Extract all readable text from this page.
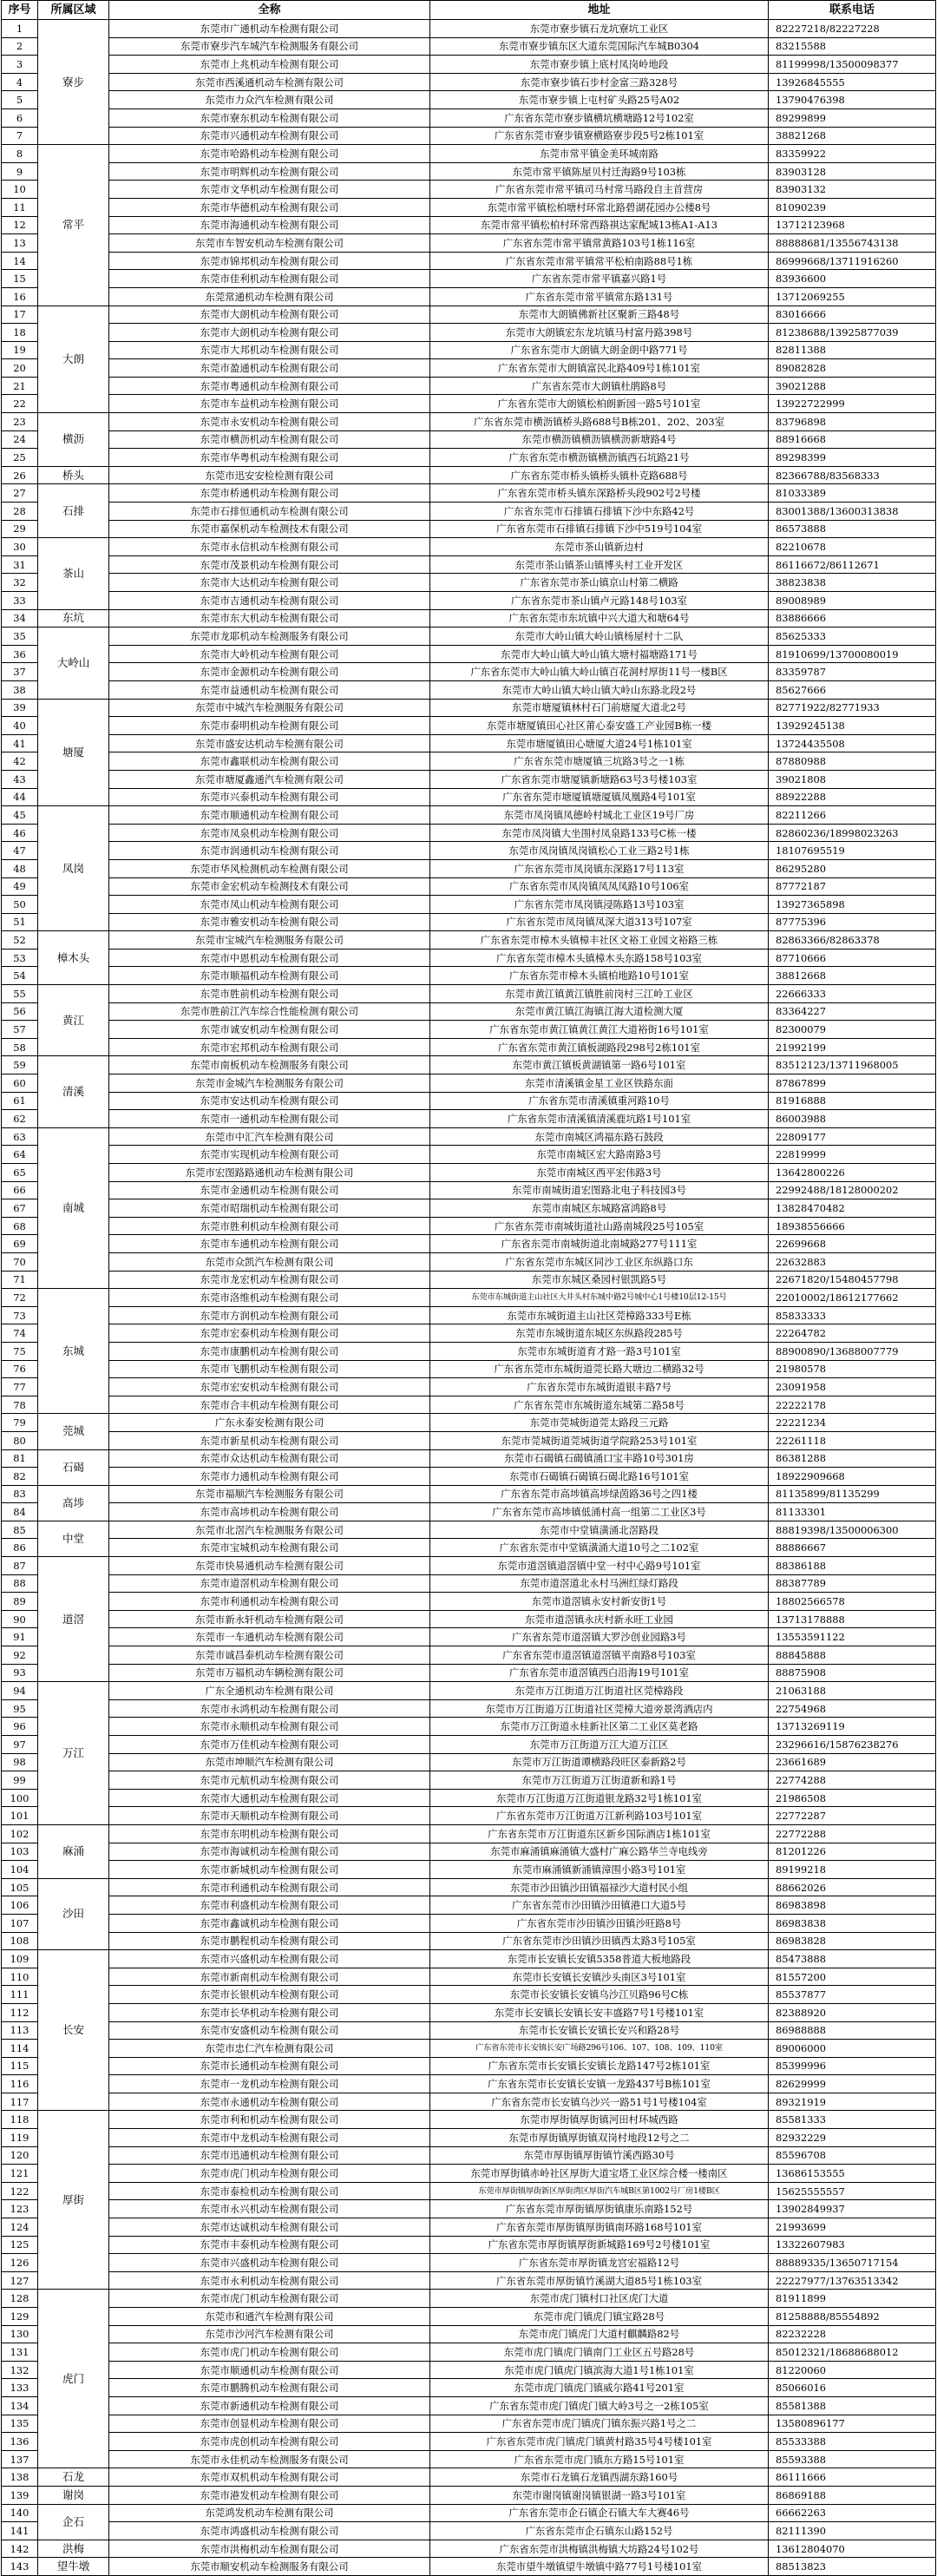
序号	所属区域	全称	地址	联系电话
1	寮步	东莞市广通机动车检测有限公司	东莞市寮步镇石龙坑寮坑工业区	82227218/82227228
2		东莞市寮步汽车城汽车检测服务有限公司	东莞市寮步镇东区大道东莞国际汽车城B0304	83215588
3		东莞市上兆机动车检测有限公司	东莞市寮步镇上底村凤岗岭地段	81199998/13500098377
4		东莞市西溪通机动车检测有限公司	东莞市寮步镇石步村金富三路328号	13926845555
5		东莞市力众汽车检测有限公司	东莞市寮步镇上屯村矿头路25号A02	13790476398
6		东莞市寮东机动车检测有限公司	广东省东莞市寮步镇横坑横塘路12号102室	89299899
7		东莞市兴通机动车检测有限公司	广东省东莞市寮步镇寮横路寮步段5号2栋101室	38821268
8	常平	东莞市哈路机动车检测有限公司	东莞市常平镇金美环城南路	83359922
9		东莞市明辉机动车检测有限公司	东莞市常平镇陈屋贝村迁海路9号103栋	83903128
10		东莞市文华机动车检测有限公司	广东省东莞市常平镇司马村常马路段自主首营房	83903132
11		东莞市华德机动车检测有限公司	东莞市常平镇松柏塘村环常北路碧湖花园办公楼8号	81090239
12		东莞市海通机动车检测有限公司	东莞市常平镇松柏村环常西路祺达家配城13栋A1-A13	13712123968
13		东莞市车智安机动车检测有限公司	广东省东莞市常平镇常黄路103号1栋116室	88888681/13556743138
14		东莞市锦邦机动车检测有限公司	广东省东莞市常平镇常平松柏南路88号1栋	86999668/13711916260
15		东莞市佳利机动车检测有限公司	广东省东莞市常平镇嘉兴路1号	83936600
16		东莞常通机动车检测有限公司	广东省东莞市常平镇常东路131号	13712069255
17	大朗	东莞市大朗机动车检测有限公司	东莞市大朗镇佛新社区聚新三路48号	83016666
18		东莞市大朗机动车检测有限公司	东莞市大朗镇宏东龙坑镇马村富丹路398号	81238688/13925877039
19		东莞市大邦机动车检测有限公司	广东省东莞市大朗镇大朗金朗中路771号	82811388
20		东莞市盈通机动车检测有限公司	广东省东莞市大朗镇富民北路409号1栋101室	89082828
21		东莞市粤通机动车检测有限公司	广东省东莞市大朗镇杜鹃路8号	39021288
22		东莞市车益机动车检测有限公司	广东省东莞市大朗镇松柏朗新园一路5号101室	13922722999
23	横沥	东莞市永安机动车检测有限公司	广东省东莞市横沥镇桥头路688号B栋201、202、203室	83796898
24		东莞市横沥机动车检测有限公司	东莞市横沥镇横沥镇横沥新塘路4号	88916668
25		东莞市华粤机动车检测有限公司	广东省东莞市横沥镇横沥镇西石坑路21号	89298399
26	桥头	东莞市迅安安检检测有限公司	广东省东莞市桥头镇桥头镇朴克路688号	82366788/83568333
27	石排	东莞市桥通机动车检测有限公司	广东省东莞市桥头镇东深路桥头段902号2号楼	81033389
28		东莞市石排恒通机动车检测有限公司	广东省东莞市石排镇石排镇下沙中东路42号	83001388/13600313838
29		东莞市嘉保机动车检测技术有限公司	广东省东莞市石排镇石排镇下沙中519号104室	86573888
30	茶山	东莞市永信机动车检测有限公司	东莞市茶山镇新边村	82210678
31		东莞市茂景机动车检测有限公司	东莞市茶山镇茶山镇博头村工业开发区	86116672/86112671
32		东莞市大达机动车检测有限公司	广东省东莞市茶山镇京山村第二横路	38823838
33		东莞市吉通机动车检测有限公司	广东省东莞市茶山镇卢元路148号103室	89008989
34	东坑	东莞市东大机动车检测有限公司	广东省东莞市东坑镇中兴大道大和塘64号	83886666
35	大岭山	东莞市龙耶机动车检测服务有限公司	东莞市大岭山镇大岭山镇杨屋村十二队	85625333
36		东莞市大岭机动车检测有限公司	东莞市大岭山镇大岭山镇大塘村福塘路171号	81910699/13700080019
37		东莞市金源机动车检测有限公司	广东省东莞市大岭山镇大岭山镇百花洞村厚街11号一楼B区	83359787
38		东莞市益通机动车检测有限公司	东莞市大岭山镇大岭山镇大岭山东路北段2号	85627666
39	塘厦	东莞市中城汽车检测服务有限公司	东莞市塘厦镇林村石门前塘厦大道北2号	82771922/82771933
40		东莞市泰明机动车检测有限公司	东莞市塘厦镇田心社区莆心泰安盛工产业园B栋一楼	13929245138
41		东莞市盛安达机动车检测有限公司	东莞市塘厦镇田心塘厦大道24号1栋101室	13724435508
42		东莞市鑫联机动车检测有限公司	广东省东莞市塘厦镇三坑路3号之一1栋	87880988
43		东莞市塘厦鑫通汽车检测有限公司	广东省东莞市塘厦镇新塘路63号3号楼103室	39021808
44		东莞市兴泰机动车检测有限公司	广东省东莞市塘厦镇塘厦镇凤凰路4号101室	88922288
45	凤岗	东莞市顺通机动车检测有限公司	东莞市凤岗镇凤德岭村城北工业区19号厂房	82211266
46		东莞市凤泉机动车检测有限公司	东莞市凤岗镇大坐围村凤泉路133号C栋一楼	82860236/18998023263
47		东莞市润通机动车检测有限公司	东莞市凤岗镇凤岗镇松心工业三路2号1栋	18107695519
48		东莞市华风检测机动车检测有限公司	广东省东莞市凤岗镇东深路17号113室	86295280
49		东莞市金宏机动车检测技术有限公司	广东省东莞市凤岗镇凤凤凤路10号106室	87772187
50		东莞市凤山机动车检测有限公司	广东省东莞市凤岗镇浸陈路13号103室	13927365898
51		东莞市雅安机动车检测有限公司	广东省东莞市凤岗镇凤深大道313号107室	87775396
52	樟木头	东莞市宝城汽车检测服务有限公司	广东省东莞市樟木头镇樟丰社区文裕工业园文裕路三栋	82863366/82863378
53		东莞市中恩机动车检测有限公司	广东省东莞市樟木头镇樟木头东路158号103室	87710666
54		东莞市顺福机动车检测有限公司	广东省东莞市樟木头镇柏地路10号101室	38812668
55	黄江	东莞市胜前机动车检测有限公司	东莞市黄江镇黄江镇胜前岗村三江岭工业区	22666333
56		东莞市胜前江汽车综合性能检测有限公司	东莞市黄江镇江海镇江海大道检测大厦	83364227
57		东莞市诚安机动车检测有限公司	广东省东莞市黄江镇黄江黄江大道裕街16号101室	82300079
58		东莞市宏邦机动车检测有限公司	广东省东莞市黄江镇板湖路段298号2栋101室	21992199
59	清溪	东莞市南板机动车检测服务有限公司	东莞市黄江镇板黄湖镇第一路6号101室	83512123/13711968005
60		东莞市金城汽车检测服务有限公司	东莞市清溪镇金星工业区铁路东面	87867899
61		东莞市安达机动车检测有限公司	广东省东莞市清溪镇重河路10号	81916888
62		东莞市一通机动车检测有限公司	广东省东莞市清溪镇清溪鹿坑路1号101室	86003988
63	南城	东莞市中汇汽车检测有限公司	东莞市南城区鸿福东路石鼓段	22809177
64		东莞市实现机动车检测有限公司	东莞市南城区宏大路南路3号	22819999
65		东莞市宏图路路通机动车检测有限公司	东莞市南城区西平宏伟路3号	13642800226
66		东莞市金通机动车检测有限公司	东莞市南城街道宏图路北电子科技园3号	22992488/18128000202
67		东莞市昭瑞机动车检测有限公司	东莞市南城区东城路富鸿路8号	13828470482
68		东莞市胜利机动车检测有限公司	广东省东莞市南城街道社山路南城段25号105室	18938556666
69		东莞市车通机动车检测有限公司	广东省东莞市南城街道北南城路277号111室	22699668
70		东莞市众凯汽车检测有限公司	广东省东莞市东城区同沙工业区东纵路口东	22632883
71		东莞市龙宏机动车检测有限公司	东莞市东城区桑园村银凯路5号	22671820/15480457798
72	东城	东莞市洛维机动车检测有限公司	东莞市东城街道主山社区大井头村东城中路2号城中心1号楼10层12-15号	22010002/18612177662
73		东莞市方润机动车检测有限公司	东莞市东城街道主山社区莞樟路333号E栋	85833333
74		东莞市宏泰机动车检测有限公司	东莞市东城街道东城区东纵路段285号	22264782
75		东莞市康鹏机动车检测有限公司	东莞市东城街道育才路一路3号101室	88900890/13688007779
76		东莞市飞鹏机动车检测有限公司	广东省东莞市东城街道莞长路大塘边二横路32号	21980578
77		东莞市宏安机动车检测有限公司	广东省东莞市东城街道银丰路7号	23091958
78		东莞市合丰机动车检测有限公司	广东省东莞市东城街道东城第二路58号	22222178
79	莞城	广东永泰安检测有限公司	东莞市莞城街道莞太路段三元路	22221234
80		东莞市新星机动车检测有限公司	东莞市莞城街道莞城街道学院路253号101室	22261118
81	石碣	东莞市众达机动车检测有限公司	东莞市石碣镇石碣镇涌口宝丰路10号301房	86381288
82		东莞市力通机动车检测有限公司	东莞市石碣镇石碣镇石碣北路16号101室	18922909668
83	高埗	东莞市福顺汽车检测服务有限公司	广东省东莞市高埗镇高埗绿茵路36号之四1楼	81135899/81135299
84		东莞市高埗机动车检测有限公司	广东省东莞市高埗镇低涌村高一组第二工业区3号	81133301
85	中堂	东莞市北滘汽车检测服务有限公司	东莞市中堂镇潢涌北滘路段	88819398/13500006300
86		东莞市宝城机动车检测有限公司	广东省东莞市中堂镇潢涌大道10号之二102室	88886667
87	道滘	东莞市快易通机动车检测有限公司	东莞市道滘镇道滘镇中堂一村中心路9号101室	88386188
88		东莞市道滘机动车检测有限公司	东莞市道滘道北永村马洲红绿灯路段	88387789
89		东莞市利通机动车检测有限公司	东莞市道滘镇永安村新安街1号	18802566578
90		东莞市新永轩机动车检测有限公司	东莞市道滘镇永庆村新永旺工业园	13713178888
91		东莞市一车通机动车检测有限公司	广东省东莞市道滘镇大罗沙创业园路3号	13553591122
92		东莞市诚昌泰机动车检测有限公司	广东省东莞市道滘镇道滘镇平南路8号103室	88845888
93		东莞市万福机动车辆检测有限公司	广东省东莞市道滘镇西白沿海19号101室	88875908
94	万江	广东全通机动车检测有限公司	东莞市万江街道万江街道社区莞樟路段	21063188
95		东莞市永鸿机动车检测有限公司	东莞市万江街道万江街道社区莞樟大道旁景湾酒店内	22754968
96		东莞市永顺机动车检测有限公司	东莞市万江街道永桂新社区第二工业区莫老路	13713269119
97		东莞市万佳机动车检测有限公司	东莞市万江街道万江大道万江区	23296616/15876238276
98		东莞市坤顺汽车检测有限公司	东莞市万江街道谭横路段旺区泰新路2号	23661689
99		东莞市元航机动车检测有限公司	东莞市万江街道万江街道新和路1号	22774288
100		东莞市大通机动车检测有限公司	东莞市万江街道万江街道银龙路32号1栋101室	21986508
101		东莞市天顺机动车检测有限公司	广东省东莞市万江街道万江新利路103号101室	22772287
102	麻涌	东莞市东明机动车检测有限公司	广东省东莞市万江街道东区新乡国际酒店1栋101室	22772288
103		东莞市海诚机动车检测有限公司	东莞市麻涌镇麻涌镇大盛村广麻公路华兰寺电线旁	81201226
104		东莞市新城机动车检测有限公司	东莞市麻涌镇新涌镇漳围小路3号101室	89199218
105	沙田	东莞市利通机动车检测有限公司	东莞市沙田镇沙田镇福禄沙大道村民小组	88662026
106		东莞市利盛机动车检测有限公司	广东省东莞市沙田镇沙田镇港口大道5号	86983898
107		东莞市鑫诚机动车检测有限公司	广东省东莞市沙田镇沙田镇沙旺路8号	86983838
108		东莞市鹏程机动车检测有限公司	广东省东莞市沙田镇沙田镇西太路3号105室	86983828
109	长安	东莞市兴盛机动车检测有限公司	东莞市长安镇长安镇5358普道大板地路段	85473888
110		东莞市新南机动车检测有限公司	东莞市长安镇长安镇沙头南区3号101室	81557200
111		东莞市长银机动车检测有限公司	东莞市长安镇长安镇乌沙江贝路96号C栋	85537877
112		东莞市长华机动车检测有限公司	东莞市长安镇长安镇长安丰盛路7号1号楼101室	82388920
113		东莞市安盛机动车检测有限公司	东莞市长安镇长安镇长安兴和路28号	86988888
114		东莞市忠仁汽车检测有限公司	广东省东莞市长安镇长安广场路296号106、107、108、109、110室	89006000
115		东莞市长通机动车检测有限公司	广东省东莞市长安镇长安镇长龙路147号2栋101室	85399996
116		东莞市一龙机动车检测有限公司	广东省东莞市长安镇长安镇一龙路437号B栋101室	82629999
117		东莞市永通机动车检测有限公司	广东省东莞市长安镇乌沙兴一路51号1号楼104室	89321919
118	厚街	东莞市利和机动车检测有限公司	东莞市厚街镇厚街镇河田村环城西路	85581333
119		东莞市中龙机动车检测有限公司	东莞市厚街镇厚街镇双岗村地段12号之二	82932229
120		东莞市迅通机动车检测有限公司	东莞市厚街镇厚街镇竹溪西路30号	85596708
121		东莞市虎门机动车检测有限公司	东莞市厚街镇赤岭社区厚街大道宝塔工业区综合楼一楼南区	13686153555
122		东莞市泰检机动车检测有限公司	东莞市厚街镇厚街新区厚街湾区厚街汽车城B区第1002号厂房1楼B区	15625555557
123		东莞市永兴机动车检测有限公司	广东省东莞市厚街镇厚街镇康乐南路152号	13902849937
124		东莞市达诚机动车检测有限公司	广东省东莞市厚街镇厚街镇南环路168号101室	21993699
125		东莞市丰泰机动车检测有限公司	广东省东莞市厚街镇厚街新城路169号2号楼101室	13322607983
126		东莞市兴盛机动车检测有限公司	广东省东莞市厚街镇龙宫宏福路12号	88889335/13650717154
127		东莞市永利机动车检测有限公司	广东省东莞市厚街镇竹溪湖大道85号1栋103室	22227977/13763513342
128	虎门	东莞市虎门机动车检测有限公司	东莞市虎门镇村口社区虎门大道	81911899
129		东莞市和通汽车检测有限公司	东莞市虎门镇虎门镇宝路28号	81258888/85554892
130		东莞市沙河汽车检测有限公司	东莞市虎门镇虎门大道村麒麟路82号	82232228
131		东莞市虎门机动车检测有限公司	东莞市虎门镇虎门镇南门工业区五号路28号	85012321/18688688012
132		东莞市顺通机动车检测有限公司	东莞市虎门镇虎门镇滨海大道1号1栋101室	81220060
133		东莞市鹏腾机动车检测有限公司	东莞市虎门镇虎门镇威尔路41号201室	85066016
134		东莞市新通机动车检测有限公司	广东省东莞市虎门镇虎门镇大岭3号之一2栋105室	85581388
135		东莞市创显机动车检测有限公司	广东省东莞市虎门镇虎门镇东振兴路1号之二	13580896177
136		东莞市虎创机动车检测有限公司	广东省东莞市虎门镇虎门镇黄村路35号4号楼101室	85533388
137		东莞市永佳机动车检测服务有限公司	广东省东莞市虎门镇东方路15号101室	85593388
138	石龙	东莞市双机机动车检测有限公司	东莞市石龙镇石龙镇西湖东路160号	86111666
139	谢岗	东莞市港发机动车检测有限公司	东莞市谢岗镇谢岗镇银湖一路3号101室	86869188
140	企石	东莞鸿发机动车检测有限公司	广东省东莞市企石镇企石镇大车大赛46号	66662263
141		东莞市鸿盛机动车检测有限公司	广东省东莞市企石镇东山路152号	82111390
142	洪梅	东莞市洪梅机动车检测有限公司	广东省东莞市洪梅镇洪梅镇大坊路24号102号	13612804070
143	望牛墩	东莞市顺安机动车检测服务有限公司	东莞市望牛墩镇望牛墩镇中路77号1号楼101室	88513823
